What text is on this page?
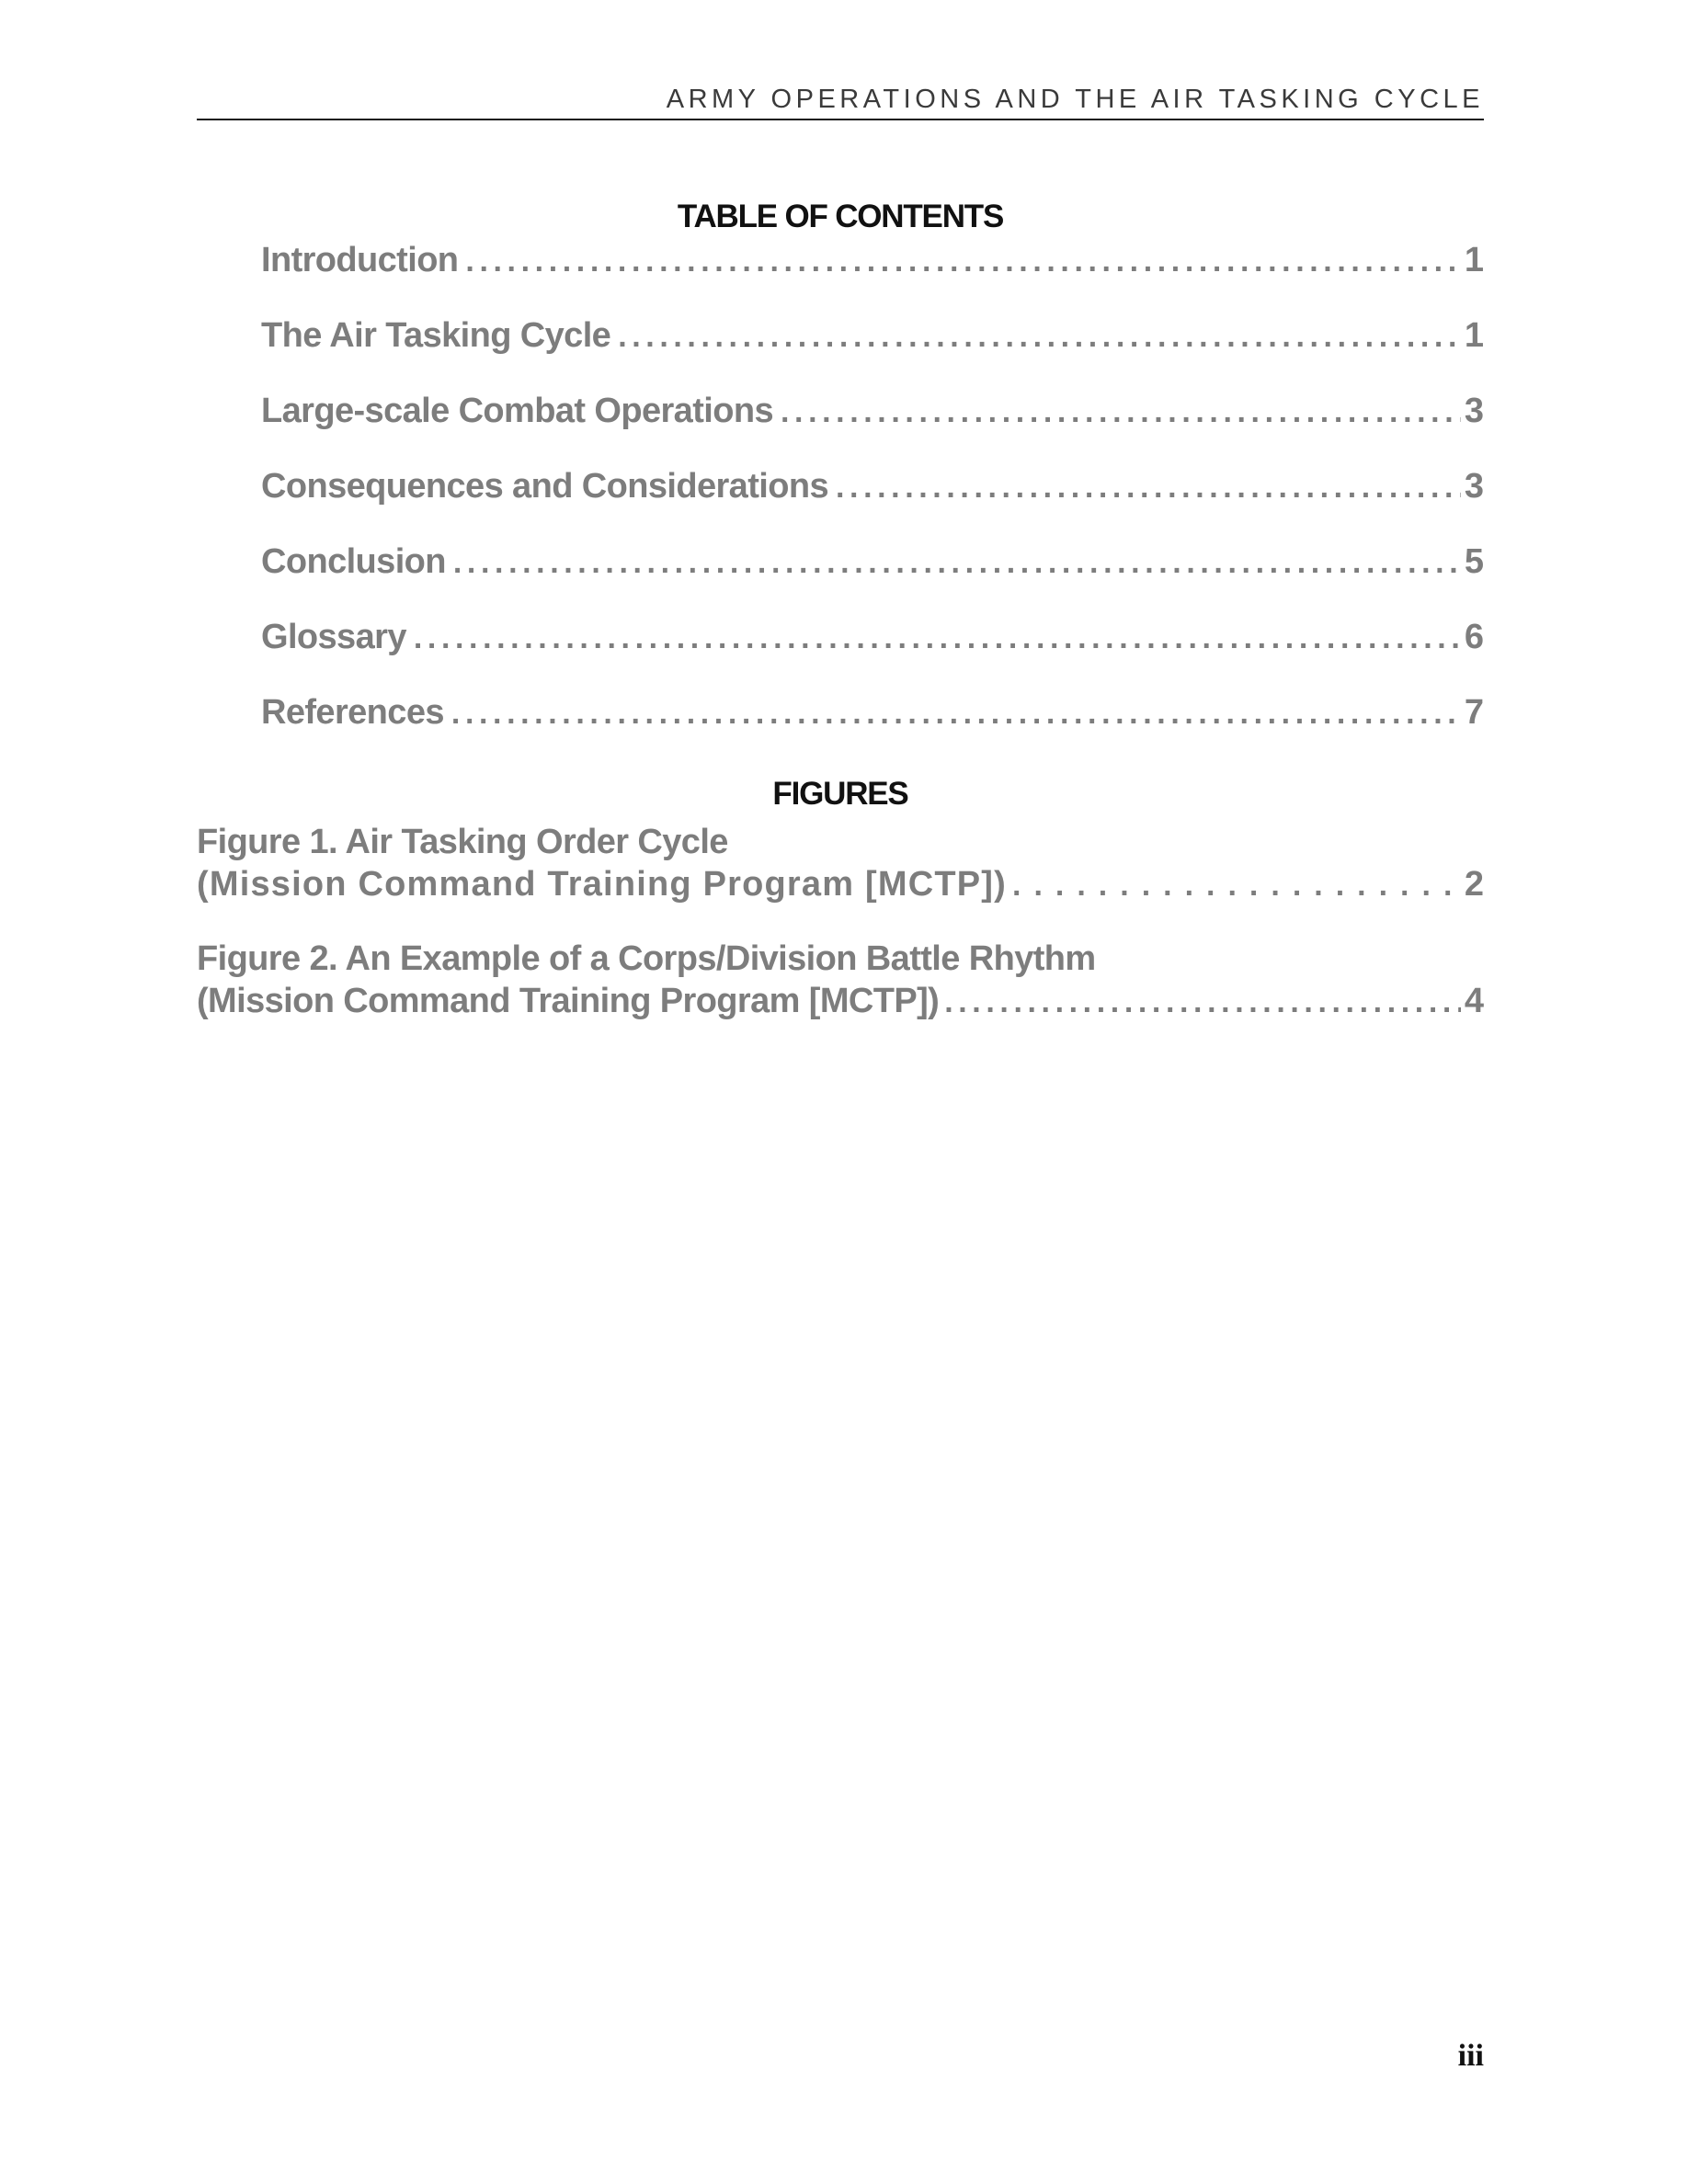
ARMY OPERATIONS AND THE AIR TASKING CYCLE
TABLE OF CONTENTS
Introduction .....	1
The Air Tasking Cycle .....	1
Large-scale Combat Operations .....	3
Consequences and Considerations .....	3
Conclusion .....	5
Glossary .....	6
References .....	7
FIGURES
Figure 1. Air Tasking Order Cycle
(Mission Command Training Program [MCTP]) .....	2
Figure 2. An Example of a Corps/Division Battle Rhythm
(Mission Command Training Program [MCTP]) .....	4
iii
